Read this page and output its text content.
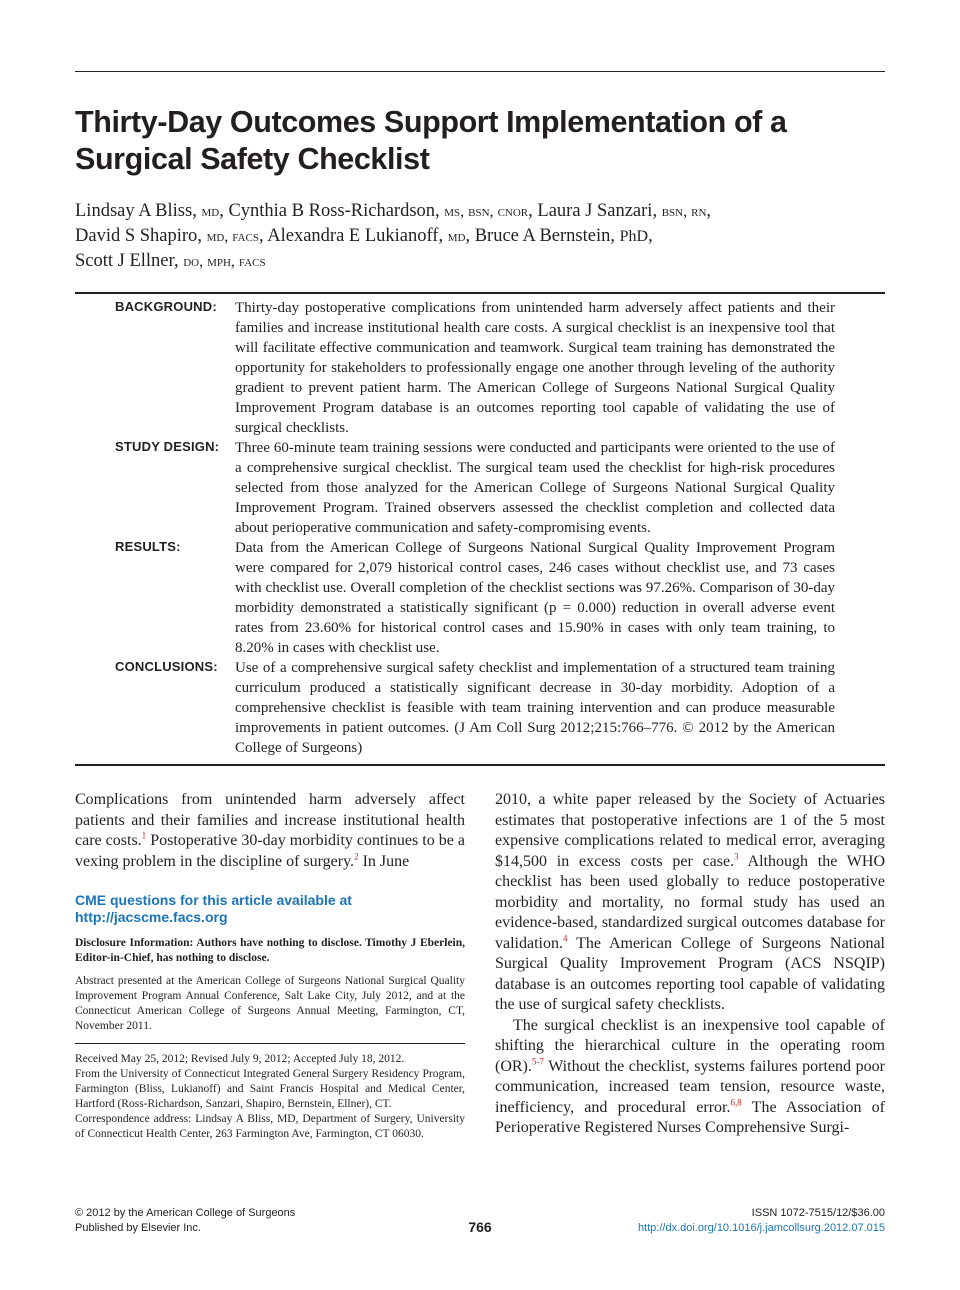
Thirty-Day Outcomes Support Implementation of a Surgical Safety Checklist
Lindsay A Bliss, md, Cynthia B Ross-Richardson, ms, bsn, cnor, Laura J Sanzari, bsn, rn,
David S Shapiro, md, facs, Alexandra E Lukianoff, md, Bruce A Bernstein, PhD,
Scott J Ellner, do, mph, facs
BACKGROUND: Thirty-day postoperative complications from unintended harm adversely affect patients and their families and increase institutional health care costs. A surgical checklist is an inexpensive tool that will facilitate effective communication and teamwork. Surgical team training has demonstrated the opportunity for stakeholders to professionally engage one another through leveling of the authority gradient to prevent patient harm. The American College of Surgeons National Surgical Quality Improvement Program database is an outcomes reporting tool capable of validating the use of surgical checklists.
STUDY DESIGN: Three 60-minute team training sessions were conducted and participants were oriented to the use of a comprehensive surgical checklist. The surgical team used the checklist for high-risk procedures selected from those analyzed for the American College of Surgeons National Surgical Quality Improvement Program. Trained observers assessed the checklist completion and collected data about perioperative communication and safety-compromising events.
RESULTS:	Data from the American College of Surgeons National Surgical Quality Improvement Program were compared for 2,079 historical control cases, 246 cases without checklist use, and 73 cases with checklist use. Overall completion of the checklist sections was 97.26%. Comparison of 30-day morbidity demonstrated a statistically significant (p = 0.000) reduction in overall adverse event rates from 23.60% for historical control cases and 15.90% in cases with only team training, to 8.20% in cases with checklist use.
CONCLUSIONS: Use of a comprehensive surgical safety checklist and implementation of a structured team training curriculum produced a statistically significant decrease in 30-day morbidity. Adoption of a comprehensive checklist is feasible with team training intervention and can produce measurable improvements in patient outcomes. (J Am Coll Surg 2012;215:766–776. © 2012 by the American College of Surgeons)

Complications from unintended harm adversely affect patients and their families and increase institutional health care costs.$^1$ Postoperative 30-day morbidity continues to be a vexing problem in the discipline of surgery.$^2$ In June

CME questions for this article available at
http://jacscme.facs.org
Disclosure Information: Authors have nothing to disclose. Timothy J Eberlein, Editor-in-Chief, has nothing to disclose.
Abstract presented at the American College of Surgeons National Surgical Quality Improvement Program Annual Conference, Salt Lake City, July 2012, and at the Connecticut American College of Surgeons Annual Meeting, Farmington, CT, November 2011.

Received May 25, 2012; Revised July 9, 2012; Accepted July 18, 2012.

From the University of Connecticut Integrated General Surgery Residency Program, Farmington (Bliss, Lukianoff) and Saint Francis Hospital and Medical Center, Hartford (Ross-Richardson, Sanzari, Shapiro, Bernstein, Ellner), CT.

Correspondence address: Lindsay A Bliss, MD, Department of Surgery, University of Connecticut Health Center, 263 Farmington Ave, Farmington, CT 06030.

2010, a white paper released by the Society of Actuaries estimates that postoperative infections are 1 of the 5 most expensive complications related to medical error, averaging $14,500 in excess costs per case.$^3$ Although the WHO checklist has been used globally to reduce postoperative morbidity and mortality, no formal study has used an evidence-based, standardized surgical outcomes database for validation.$^4$ The American College of Surgeons National Surgical Quality Improvement Program (ACS NSQIP) database is an outcomes reporting tool capable of validating the use of surgical safety checklists.

The surgical checklist is an inexpensive tool capable of shifting the hierarchical culture in the operating room (OR).$^{5-7}$ Without the checklist, systems failures portend poor communication, increased team tension, resource waste, inefficiency, and procedural error.$^{6,8}$ The Association of Perioperative Registered Nurses Comprehensive Surgi-

© 2012 by the American College of Surgeons
Published by Elsevier Inc.	766
ISSN 1072-7515/12/$36.00
http://dx.doi.org/10.1016/j.jamcollsurg.2012.07.015
